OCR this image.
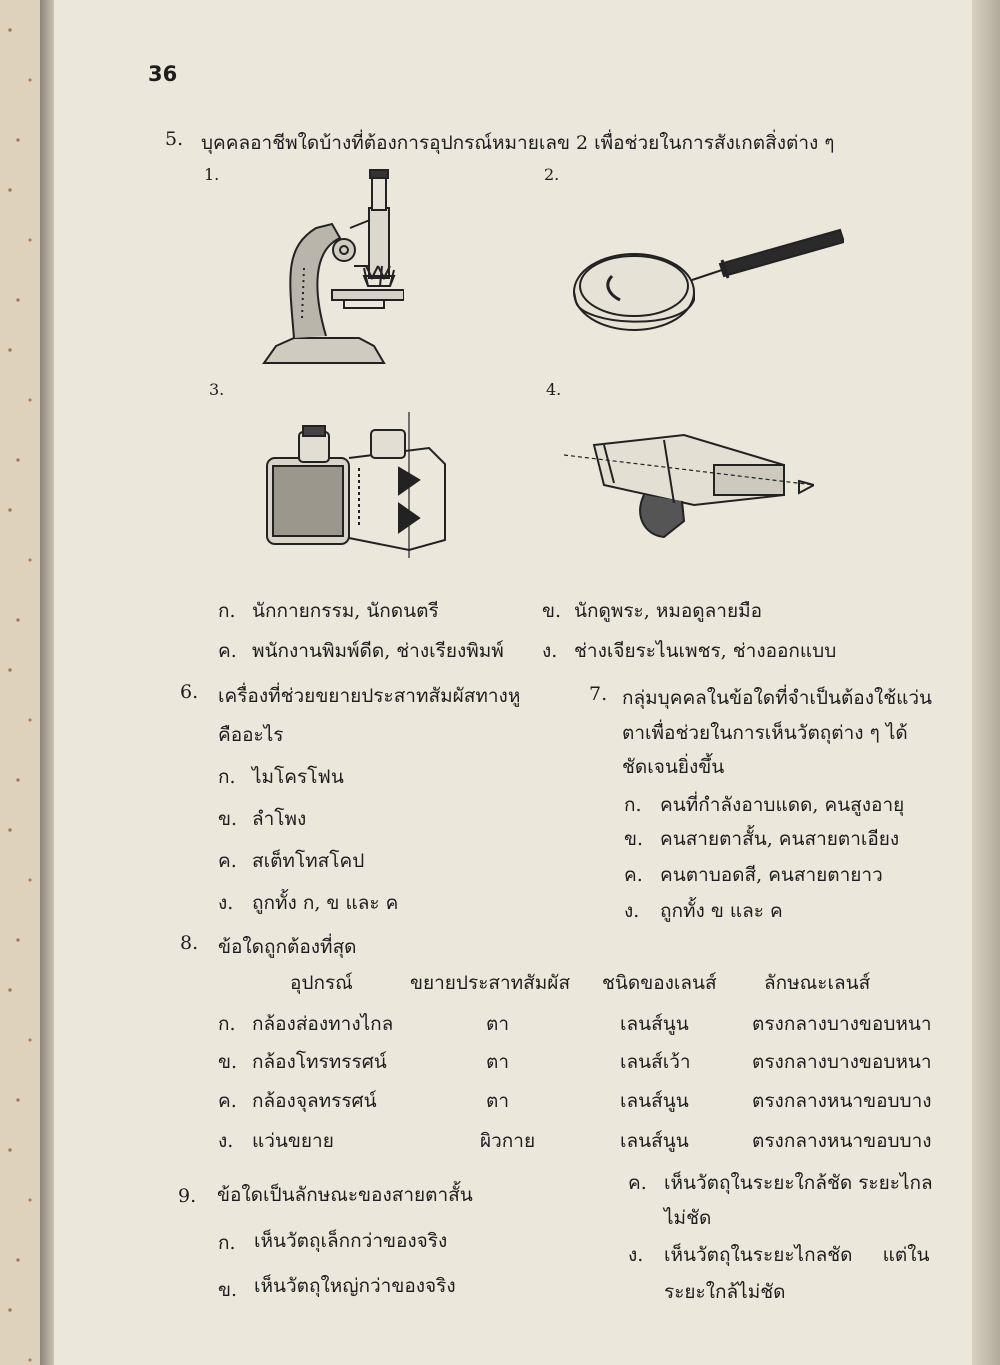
36
5. บุคคลอาชีพใดบ้างที่ต้องการอุปกรณ์หมายเลข 2 เพื่อช่วยในการสังเกตสิ่งต่าง ๆ
1.	2.
3.	4.
ก. นักกายกรรม, นักดนตรี	ข. นักดูพระ, หมอดูลายมือ
ค. พนักงานพิมพ์ดีด, ช่างเรียงพิมพ์ ง. ช่างเจียระไนเพชร, ช่างออกแบบ
6. เครื่องที่ช่วยขยายประสาทสัมผัสทางหู
คืออะไร
ก. ไมโครโฟน
ข. ลำโพง
ค. สเต็ทโทสโคป
ง. ถูกทั้ง ก, ข และ ค
7. กลุ่มบุคคลในข้อใดที่จำเป็นต้องใช้แว่น
ตาเพื่อช่วยในการเห็นวัตถุต่าง ๆ ได้
ชัดเจนยิ่งขึ้น
ก. คนที่กำลังอาบแดด, คนสูงอายุ
ข. คนสายตาสั้น, คนสายตาเอียง
ค. คนตาบอดสี, คนสายตายาว
ง. ถูกทั้ง ข และ ค
8. ข้อใดถูกต้องที่สุด
อุปกรณ์	ขยายประสาทสัมผัส ชนิดของเลนส์ ลักษณะเลนส์
ก. กล้องส่องทางไกล	ตา	เลนส์นูน	ตรงกลางบางขอบหนา
ข. กล้องโทรทรรศน์	ตา	เลนส์เว้า	ตรงกลางบางขอบหนา
ค. กล้องจุลทรรศน์	ตา	เลนส์นูน	ตรงกลางหนาขอบบาง
ง. แว่นขยาย	ผิวกาย	เลนส์นูน	ตรงกลางหนาขอบบาง
9. ข้อใดเป็นลักษณะของสายตาสั้น
ก. เห็นวัตถุเล็กกว่าของจริง
ข. เห็นวัตถุใหญ่กว่าของจริง
ค. เห็นวัตถุในระยะใกล้ชัด ระยะไกล
ไม่ชัด
ง. เห็นวัตถุในระยะไกลชัด     แต่ใน
ระยะใกล้ไม่ชัด
